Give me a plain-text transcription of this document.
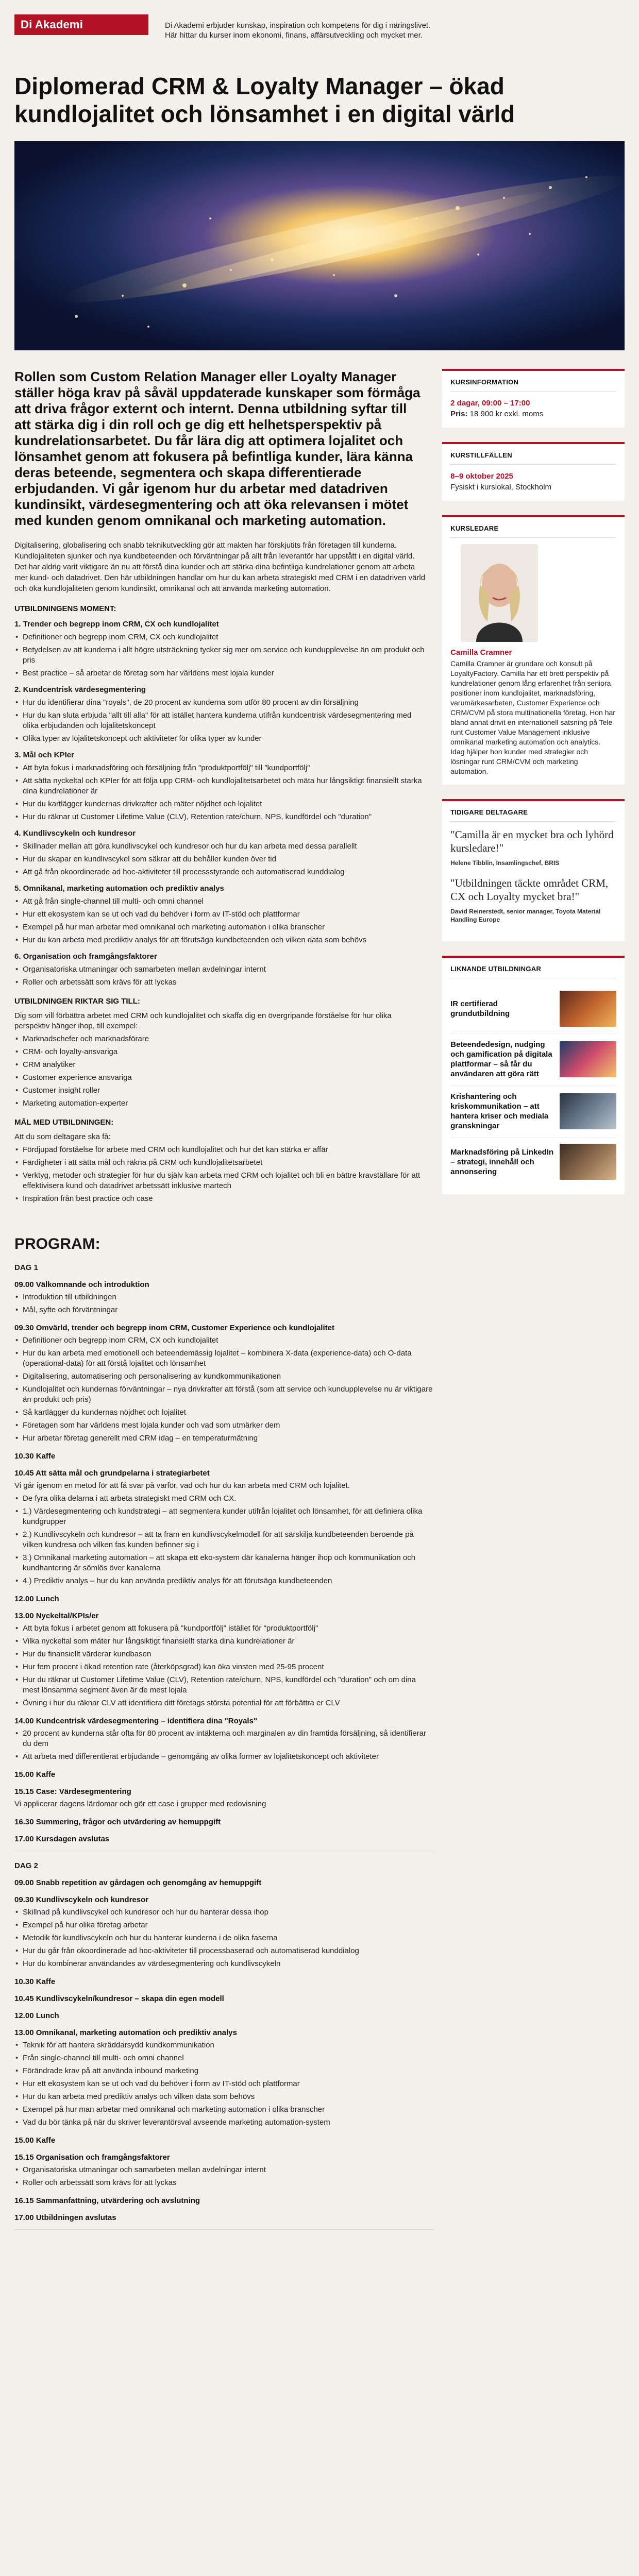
Di Akademi	Di Akademi erbjuder kunskap, inspiration och kompetens för dig i näringslivet. Här hittar du kurser inom ekonomi, finans, affärsutveckling och mycket mer.
Diplomerad CRM & Loyalty Manager – ökad kundlojalitet och lönsamhet i en digital värld

Rollen som Custom Relation Manager eller Loyalty Manager ställer höga krav på såväl uppdaterade kunskaper som förmåga att driva frågor externt och internt. Denna utbildning syftar till att stärka dig i din roll och ge dig ett helhetsperspektiv på kundrelationsarbetet. Du får lära dig att optimera lojalitet och lönsamhet genom att fokusera på befintliga kunder, lära känna deras beteende, segmentera och skapa differentierade erbjudanden. Vi går igenom hur du arbetar med datadriven kundinsikt, värdesegmentering och att öka relevansen i mötet med kunden genom omnikanal och marketing automation.

Digitalisering, globalisering och snabb teknikutveckling gör att makten har förskjutits från företagen till kunderna. Kundlojaliteten sjunker och nya kundbeteenden och förväntningar på allt från leverantör har uppstått i en digital värld. Det har aldrig varit viktigare än nu att förstå dina kunder och att stärka dina befintliga kundrelationer genom att arbeta mer kund- och datadrivet. Den här utbildningen handlar om hur du kan arbeta strategiskt med CRM i en datadriven värld och öka kundlojaliteten genom kundinsikt, omnikanal och att använda marketing automation.

UTBILDNINGENS MOMENT:
1. Trender och begrepp inom CRM, CX och kundlojalitet
• Definitioner och begrepp inom CRM, CX och kundlojalitet
• Betydelsen av att kunderna i allt högre utsträckning tycker sig mer om service och kundupplevelse än om produkt och pris
• Best practice – så arbetar de företag som har världens mest lojala kunder
2. Kundcentrisk värdesegmentering
• Hur du identifierar dina "royals", de 20 procent av kunderna som utför 80 procent av din försäljning
• Hur du kan sluta erbjuda "allt till alla" för att istället hantera kunderna utifrån kundcentrisk värdesegmentering med olika erbjudanden och lojalitetskoncept
• Olika typer av lojalitetskoncept och aktiviteter för olika typer av kunder
3. Mål och KPIer
• Att byta fokus i marknadsföring och försäljning från "produktportfölj" till "kundportfölj"
• Att sätta nyckeltal och KPIer för att följa upp CRM- och kundlojalitetsarbetet och mäta hur långsiktigt finansiellt starka dina kundrelationer är
• Hur du kartlägger kundernas drivkrafter och mäter nöjdhet och lojalitet
• Hur du räknar ut Customer Lifetime Value (CLV), Retention rate/churn, NPS, kundfördel och "duration"
4. Kundlivscykeln och kundresor
• Skillnader mellan att göra kundlivscykel och kundresor och hur du kan arbeta med dessa parallellt
• Hur du skapar en kundlivscykel som säkrar att du behåller kunden över tid
• Att gå från okoordinerade ad hoc-aktiviteter till processstyrande och automatiserad kunddialog
5. Omnikanal, marketing automation och prediktiv analys
• Att gå från single-channel till multi- och omni channel
• Hur ett ekosystem kan se ut och vad du behöver i form av IT-stöd och plattformar
• Exempel på hur man arbetar med omnikanal och marketing automation i olika branscher
• Hur du kan arbeta med prediktiv analys för att förutsäga kundbeteenden och vilken data som behövs
6. Organisation och framgångsfaktorer
• Organisatoriska utmaningar och samarbeten mellan avdelningar internt
• Roller och arbetssätt som krävs för att lyckas
UTBILDNINGEN RIKTAR SIG TILL:
Dig som vill förbättra arbetet med CRM och kundlojalitet och skaffa dig en övergripande förståelse för hur olika perspektiv hänger ihop, till exempel:
• Marknadschefer och marknadsförare
• CRM- och loyalty-ansvariga
• CRM analytiker
• Customer experience ansvariga
• Customer insight roller
• Marketing automation-experter
MÅL MED UTBILDNINGEN:
Att du som deltagare ska få:
• Fördjupad förståelse för arbete med CRM och kundlojalitet och hur det kan stärka er affär
• Färdigheter i att sätta mål och räkna på CRM och kundlojalitetsarbetet
• Verktyg, metoder och strategier för hur du själv kan arbeta med CRM och lojalitet och bli en bättre kravställare för att effektivisera kund och datadrivet arbetssätt inklusive martech
• Inspiration från best practice och case
KURSINFORMATION
2 dagar, 09:00 – 17:00
Pris: 18 900 kr exkl. moms
KURSTILLFÄLLEN
8–9 oktober 2025
Fysiskt i kurslokal, Stockholm
KURSLEDARE
Camilla Cramner
Camilla Cramner är grundare och konsult på LoyaltyFactory. Camilla har ett brett perspektiv på kundrelationer genom lång erfarenhet från seniora positioner inom kundlojalitet, marknadsföring, varumärkesarbeten, Customer Experience och CRM/CVM på stora multinationella företag. Hon har bland annat drivit en internationell satsning på Tele runt Customer Value Management inklusive omnikanal marketing automation och analytics. Idag hjälper hon kunder med strategier och lösningar runt CRM/CVM och marketing automation.
TIDIGARE DELTAGARE
"Camilla är en mycket bra och lyhörd kursledare!"
Helene Tibblin, Insamlingschef, BRIS
"Utbildningen täckte området CRM, CX och Loyalty mycket bra!"
David Reinerstedt, senior manager, Toyota Material Handling Europe
LIKNANDE UTBILDNINGAR
IR certifierad grundutbildning
Beteendedesign, nudging och gamification på digitala plattformar – så får du användaren att göra rätt
Krishantering och kriskommunikation – att hantera kriser och mediala granskningar
Marknadsföring på LinkedIn – strategi, innehåll och annonsering
PROGRAM:
DAG 1
09.00 Välkomnande och introduktion
• Introduktion till utbildningen
• Mål, syfte och förväntningar
09.30 Omvärld, trender och begrepp inom CRM, Customer Experience och kundlojalitet
• Definitioner och begrepp inom CRM, CX och kundlojalitet
• Hur du kan arbeta med emotionell och beteendemässig lojalitet – kombinera X-data (experience-data) och O-data (operational-data) för att förstå lojalitet och lönsamhet
• Digitalisering, automatisering och personalisering av kundkommunikationen
• Kundlojalitet och kundernas förväntningar – nya drivkrafter att förstå (som att service och kundupplevelse nu är viktigare än produkt och pris)
• Så kartlägger du kundernas nöjdhet och lojalitet
• Företagen som har världens mest lojala kunder och vad som utmärker dem
• Hur arbetar företag generellt med CRM idag – en temperaturmätning
10.30 Kaffe
10.45 Att sätta mål och grundpelarna i strategiarbetet
Vi går igenom en metod för att få svar på varför, vad och hur du kan arbeta med CRM och lojalitet.
• De fyra olika delarna i att arbeta strategiskt med CRM och CX.
• 1.) Värdesegmentering och kundstrategi – att segmentera kunder utifrån lojalitet och lönsamhet, för att definiera olika kundgrupper
• 2.) Kundlivscykeln och kundresor – att ta fram en kundlivscykelmodell för att särskilja kundbeteenden beroende på vilken kundresa och vilken fas kunden befinner sig i
• 3.) Omnikanal marketing automation – att skapa ett eko-system där kanalerna hänger ihop och kommunikation och kundhantering är sömlös över kanalerna
• 4.) Prediktiv analys – hur du kan använda prediktiv analys för att förutsäga kundbeteenden
12.00 Lunch
13.00 Nyckeltal/KPIs/er
• Att byta fokus i arbetet genom att fokusera på "kundportfölj" istället för "produktportfölj"
• Vilka nyckeltal som mäter hur långsiktigt finansiellt starka dina kundrelationer är
• Hur du finansiellt värderar kundbasen
• Hur fem procent i ökad retention rate (återköpsgrad) kan öka vinsten med 25-95 procent
• Hur du räknar ut Customer Lifetime Value (CLV), Retention rate/churn, NPS, kundfördel och "duration" och om dina mest lönsamma segment även är de mest lojala
• Övning i hur du räknar CLV att identifiera ditt företags största potential för att förbättra er CLV
14.00 Kundcentrisk värdesegmentering – identifiera dina "Royals"
• 20 procent av kunderna står ofta för 80 procent av intäkterna och marginalen av din framtida försäljning, så identifierar du dem
• Att arbeta med differentierat erbjudande – genomgång av olika former av lojalitetskoncept och aktiviteter
15.00 Kaffe
15.15 Case: Värdesegmentering
Vi applicerar dagens lärdomar och gör ett case i grupper med redovisning
16.30 Summering, frågor och utvärdering av hemuppgift
17.00 Kursdagen avslutas
DAG 2
09.00 Snabb repetition av gårdagen och genomgång av hemuppgift
09.30 Kundlivscykeln och kundresor
• Skillnad på kundlivscykel och kundresor och hur du hanterar dessa ihop
• Exempel på hur olika företag arbetar
• Metodik för kundlivscykeln och hur du hanterar kunderna i de olika faserna
• Hur du går från okoordinerade ad hoc-aktiviteter till processbaserad och automatiserad kunddialog
• Hur du kombinerar användandes av värdesegmentering och kundlivscykeln
10.30 Kaffe
10.45 Kundlivscykeln/kundresor – skapa din egen modell
12.00 Lunch
13.00 Omnikanal, marketing automation och prediktiv analys
• Teknik för att hantera skräddarsydd kundkommunikation
• Från single-channel till multi- och omni channel
• Förändrade krav på att använda inbound marketing
• Hur ett ekosystem kan se ut och vad du behöver i form av IT-stöd och plattformar
• Hur du kan arbeta med prediktiv analys och vilken data som behövs
• Exempel på hur man arbetar med omnikanal och marketing automation i olika branscher
• Vad du bör tänka på när du skriver leverantörsval avseende marketing automation-system
15.00 Kaffe
15.15 Organisation och framgångsfaktorer
• Organisatoriska utmaningar och samarbeten mellan avdelningar internt
• Roller och arbetssätt som krävs för att lyckas
16.15 Sammanfattning, utvärdering och avslutning
17.00 Utbildningen avslutas
